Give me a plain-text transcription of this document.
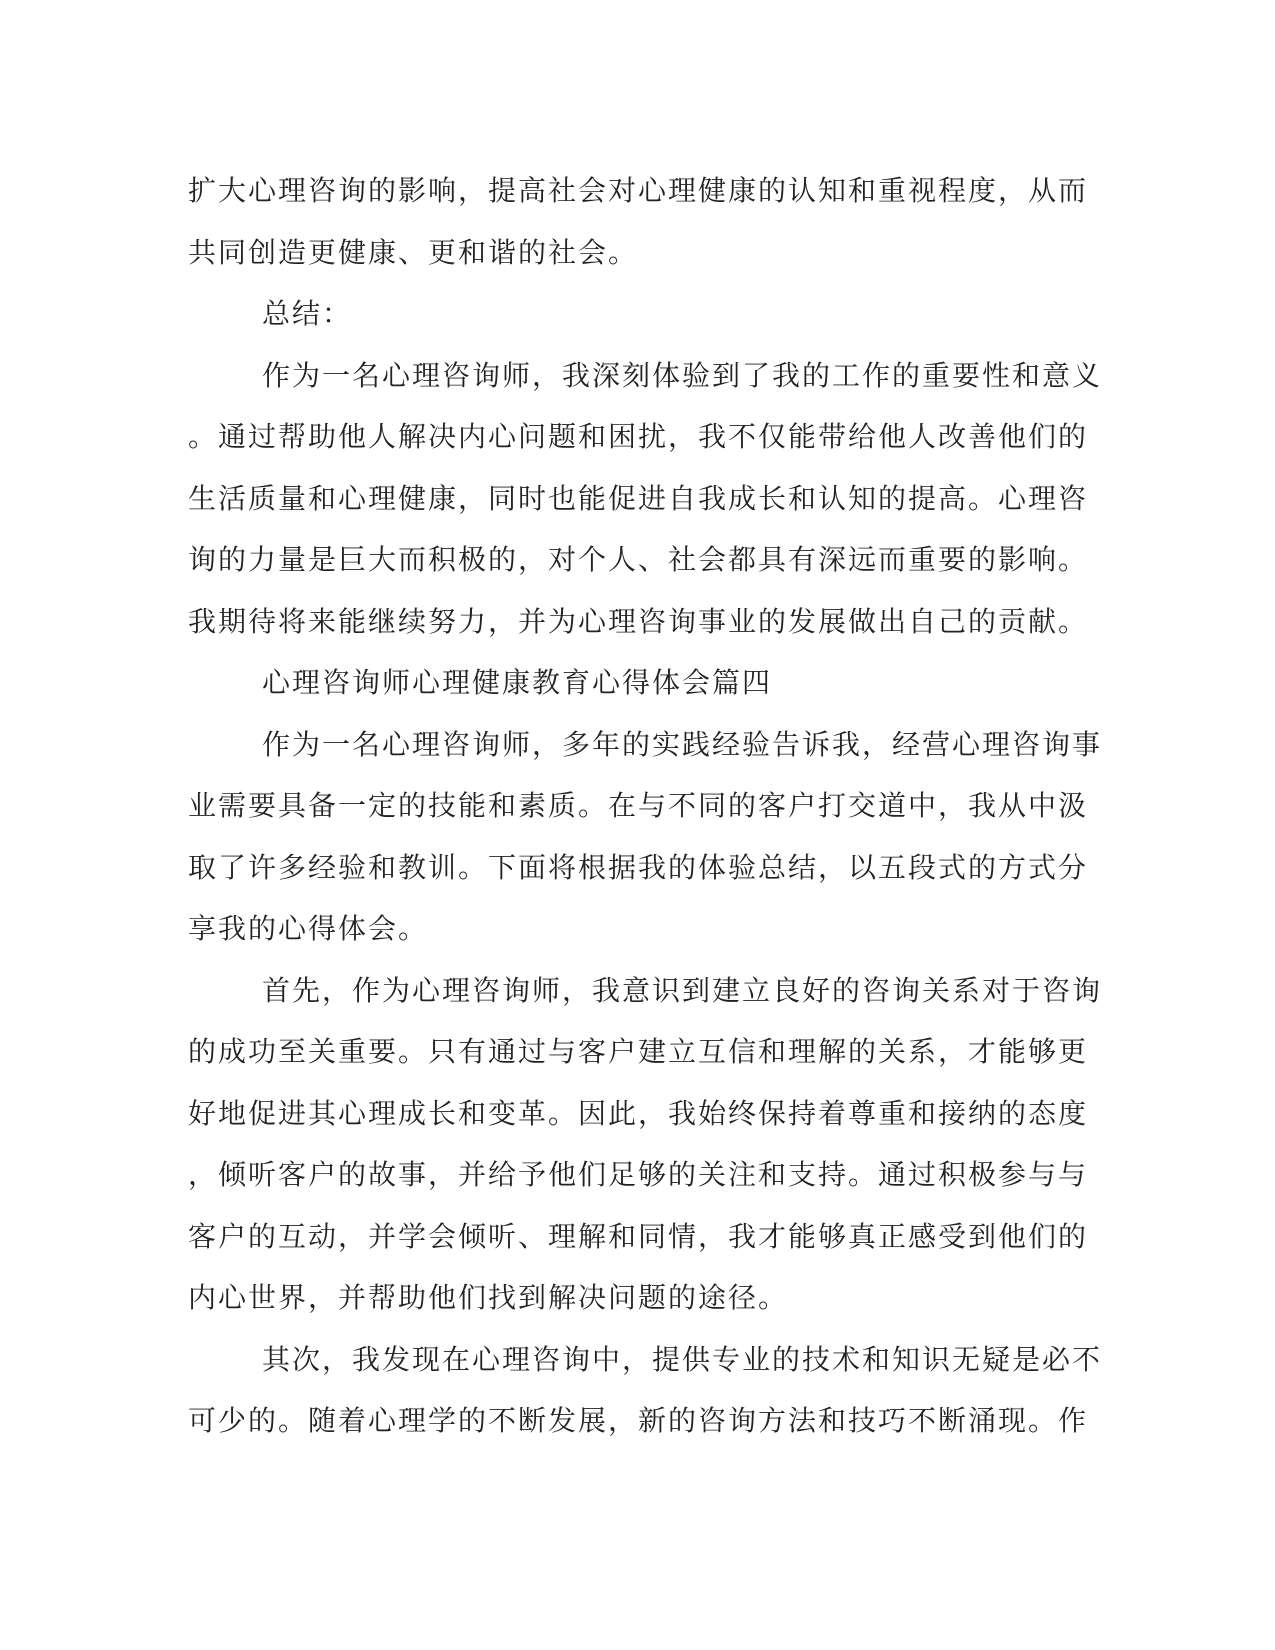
扩大心理咨询的影响，提高社会对心理健康的认知和重视程度，从而
共同创造更健康、更和谐的社会。
总结：
作为一名心理咨询师，我深刻体验到了我的工作的重要性和意义
。通过帮助他人解决内心问题和困扰，我不仅能带给他人改善他们的
生活质量和心理健康，同时也能促进自我成长和认知的提高。心理咨
询的力量是巨大而积极的，对个人、社会都具有深远而重要的影响。
我期待将来能继续努力，并为心理咨询事业的发展做出自己的贡献。
心理咨询师心理健康教育心得体会篇四
作为一名心理咨询师，多年的实践经验告诉我，经营心理咨询事
业需要具备一定的技能和素质。在与不同的客户打交道中，我从中汲
取了许多经验和教训。下面将根据我的体验总结，以五段式的方式分
享我的心得体会。
首先，作为心理咨询师，我意识到建立良好的咨询关系对于咨询
的成功至关重要。只有通过与客户建立互信和理解的关系，才能够更
好地促进其心理成长和变革。因此，我始终保持着尊重和接纳的态度
，倾听客户的故事，并给予他们足够的关注和支持。通过积极参与与
客户的互动，并学会倾听、理解和同情，我才能够真正感受到他们的
内心世界，并帮助他们找到解决问题的途径。
其次，我发现在心理咨询中，提供专业的技术和知识无疑是必不
可少的。随着心理学的不断发展，新的咨询方法和技巧不断涌现。作
